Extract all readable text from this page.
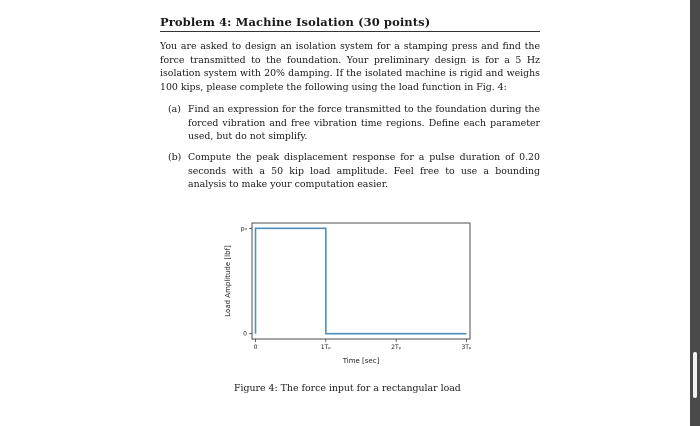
Problem 4: Machine Isolation (30 points)
You are asked to design an isolation system for a stamping press and find the force transmitted to the foundation. Your preliminary design is for a 5 Hz isolation system with 20% damping. If the isolated machine is rigid and weighs 100 kips, please complete the following using the load function in Fig. 4:
(a) Find an expression for the force transmitted to the foundation during the forced vibration and free vibration time regions. Define each parameter used, but do not simplify.
(b) Compute the peak displacement response for a pulse duration of 0.20 seconds with a 50 kip load amplitude. Feel free to use a bounding analysis to make your computation easier.
0	1Tₚ	2Tₚ	3Tₚ
0
p₀
Time [sec]
Load Amplitude [lbf]
Figure 4: The force input for a rectangular load
